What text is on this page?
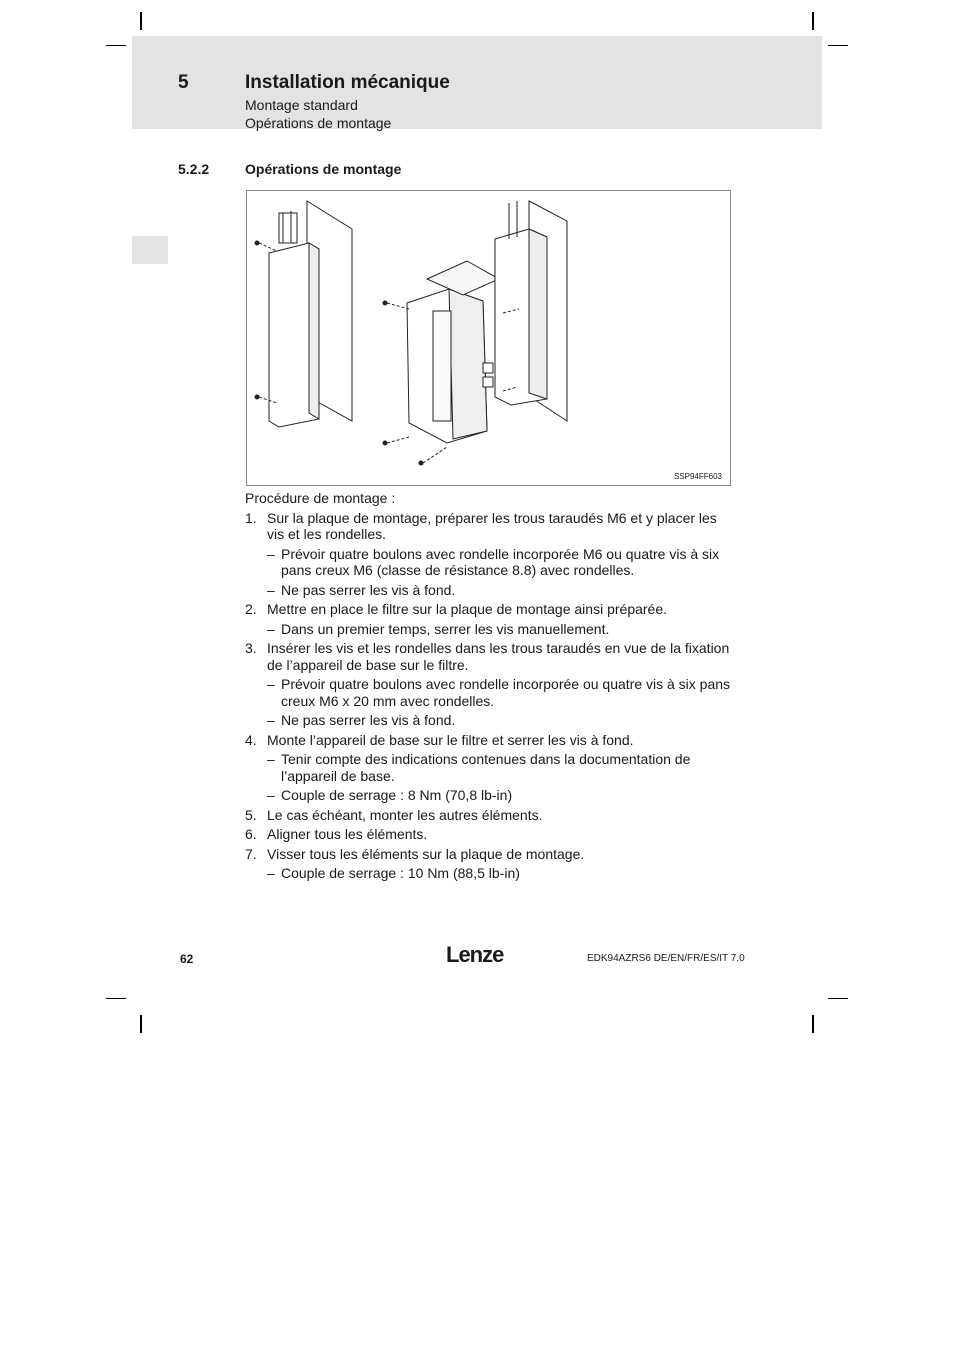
5	Installation mécanique
Montage standard
Opérations de montage
5.2.2	Opérations de montage
SSP94FF603

Procédure de montage :

1. Sur la plaque de montage, préparer les trous taraudés M6 et y placer les vis et les rondelles.
– Prévoir quatre boulons avec rondelle incorporée M6 ou quatre vis à six pans creux M6 (classe de résistance 8.8) avec rondelles.
– Ne pas serrer les vis à fond.
2. Mettre en place le filtre sur la plaque de montage ainsi préparée.
– Dans un premier temps, serrer les vis manuellement.
3. Insérer les vis et les rondelles dans les trous taraudés en vue de la fixation de l’appareil de base sur le filtre.
– Prévoir quatre boulons avec rondelle incorporée ou quatre vis à six pans creux M6 x 20 mm avec rondelles.
– Ne pas serrer les vis à fond.
4. Monte l’appareil de base sur le filtre et serrer les vis à fond.
– Tenir compte des indications contenues dans la documentation de l’appareil de base.
– Couple de serrage : 8 Nm (70,8 lb-in)
5. Le cas échéant, monter les autres éléments.
6. Aligner tous les éléments.
7. Visser tous les éléments sur la plaque de montage.
– Couple de serrage : 10 Nm (88,5 lb-in)
62	Lenze	EDK94AZRS6 DE/EN/FR/ES/IT 7.0
